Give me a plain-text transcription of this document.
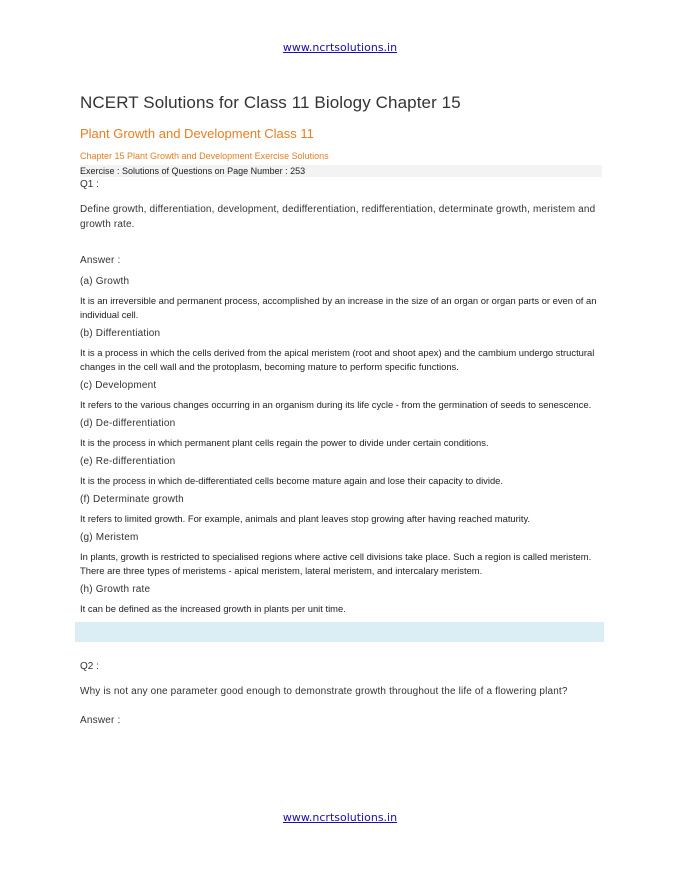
www.ncrtsolutions.in
NCERT Solutions for Class 11 Biology Chapter 15
Plant Growth and Development Class 11
Chapter 15 Plant Growth and Development Exercise Solutions
Exercise : Solutions of Questions on Page Number : 253
Q1 :
Define growth, differentiation, development, dedifferentiation, redifferentiation, determinate growth, meristem and growth rate.
Answer :
(a) Growth
It is an irreversible and permanent process, accomplished by an increase in the size of an organ or organ parts or even of an individual cell.
(b) Differentiation
It is a process in which the cells derived from the apical meristem (root and shoot apex) and the cambium undergo structural changes in the cell wall and the protoplasm, becoming mature to perform specific functions.
(c) Development
It refers to the various changes occurring in an organism during its life cycle - from the germination of seeds to senescence.
(d) De-differentiation
It is the process in which permanent plant cells regain the power to divide under certain conditions.
(e) Re-differentiation
It is the process in which de-differentiated cells become mature again and lose their capacity to divide.
(f) Determinate growth
It refers to limited growth. For example, animals and plant leaves stop growing after having reached maturity.
(g) Meristem
In plants, growth is restricted to specialised regions where active cell divisions take place. Such a region is called meristem. There are three types of meristems - apical meristem, lateral meristem, and intercalary meristem.
(h) Growth rate
It can be defined as the increased growth in plants per unit time.
Q2 :
Why is not any one parameter good enough to demonstrate growth throughout the life of a flowering plant?
Answer :
www.ncrtsolutions.in
